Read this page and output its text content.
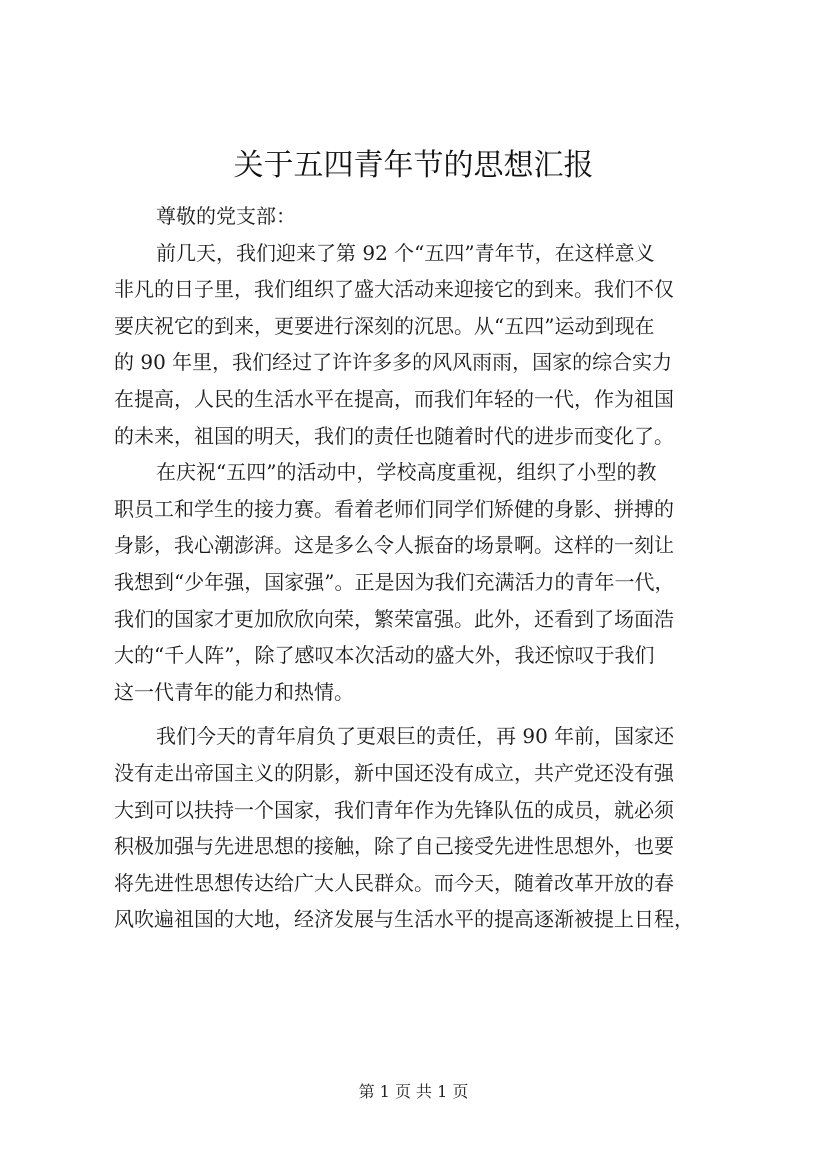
关于五四青年节的思想汇报
尊敬的党支部：
前几天，我们迎来了第 92 个“五四”青年节，在这样意义
非凡的日子里，我们组织了盛大活动来迎接它的到来。我们不仅
要庆祝它的到来，更要进行深刻的沉思。从“五四”运动到现在
的 90 年里，我们经过了许许多多的风风雨雨，国家的综合实力
在提高，人民的生活水平在提高，而我们年轻的一代，作为祖国
的未来，祖国的明天，我们的责任也随着时代的进步而变化了。
在庆祝“五四”的活动中，学校高度重视，组织了小型的教
职员工和学生的接力赛。看着老师们同学们矫健的身影、拼搏的
身影，我心潮澎湃。这是多么令人振奋的场景啊。这样的一刻让
我想到“少年强，国家强”。正是因为我们充满活力的青年一代，
我们的国家才更加欣欣向荣，繁荣富强。此外，还看到了场面浩
大的“千人阵”，除了感叹本次活动的盛大外，我还惊叹于我们
这一代青年的能力和热情。
我们今天的青年肩负了更艰巨的责任，再 90 年前，国家还
没有走出帝国主义的阴影，新中国还没有成立，共产党还没有强
大到可以扶持一个国家，我们青年作为先锋队伍的成员，就必须
积极加强与先进思想的接触，除了自己接受先进性思想外，也要
将先进性思想传达给广大人民群众。而今天，随着改革开放的春
风吹遍祖国的大地，经济发展与生活水平的提高逐渐被提上日程，
第 1 页 共 1 页
